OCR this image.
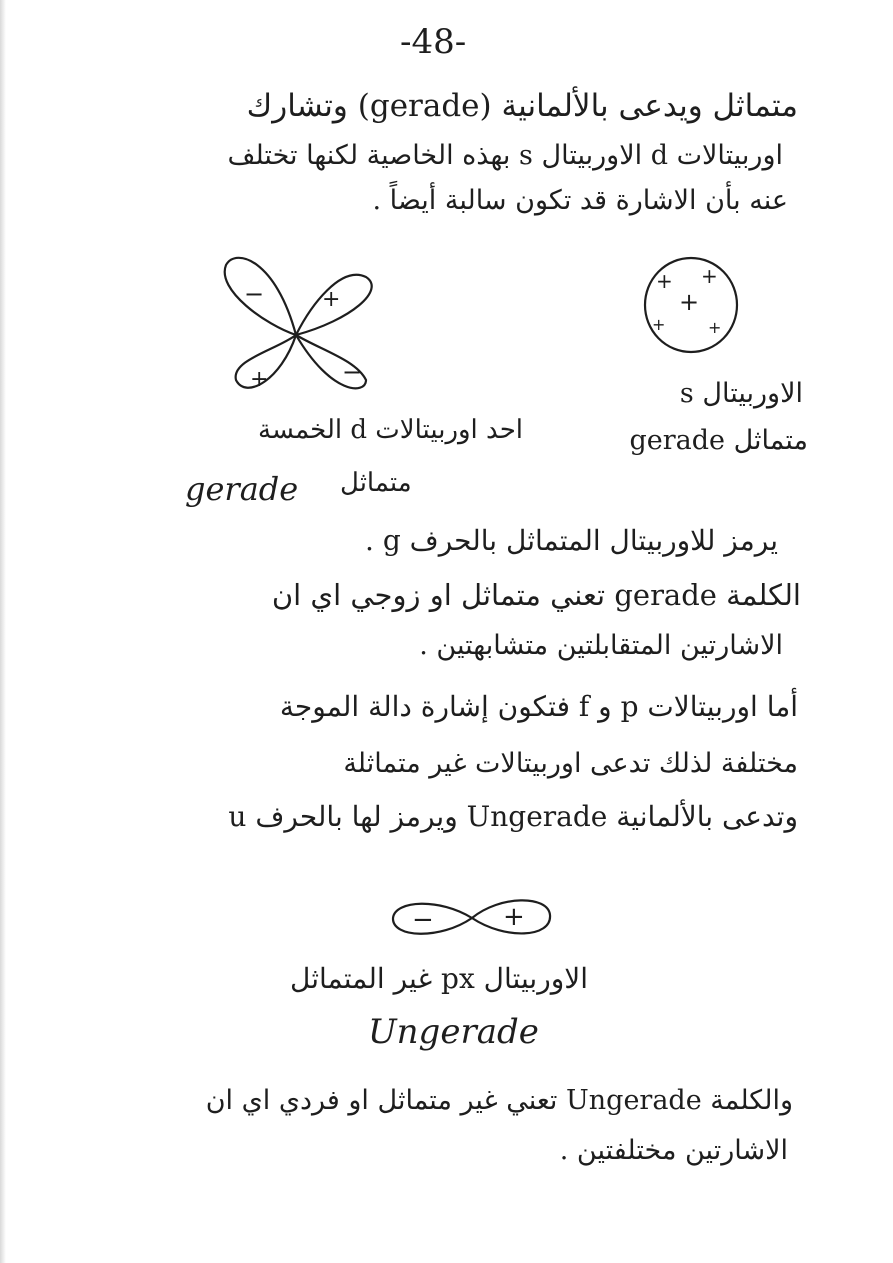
-48-
متماثل ويدعى بالألمانية (gerade) وتشارك
اوربيتالات d الاوربيتال s بهذه الخاصية لكنها تختلف
عنه بأن الاشارة قد تكون سالبة أيضاً .
−	+
+	−
+ +
+
+	+
−	+
احد اوربيتالات d الخمسة
متماثل
gerade
الاوربيتال s
متماثل gerade
يرمز للاوربيتال المتماثل بالحرف g .
الكلمة gerade تعني متماثل او زوجي اي ان
الاشارتين المتقابلتين متشابهتين .
أما اوربيتالات p و f فتكون إشارة دالة الموجة
مختلفة لذلك تدعى اوربيتالات غير متماثلة
وتدعى بالألمانية Ungerade ويرمز لها بالحرف u
الاوربيتال px غير المتماثل
Ungerade
والكلمة Ungerade تعني غير متماثل او فردي اي ان
الاشارتين مختلفتين .
